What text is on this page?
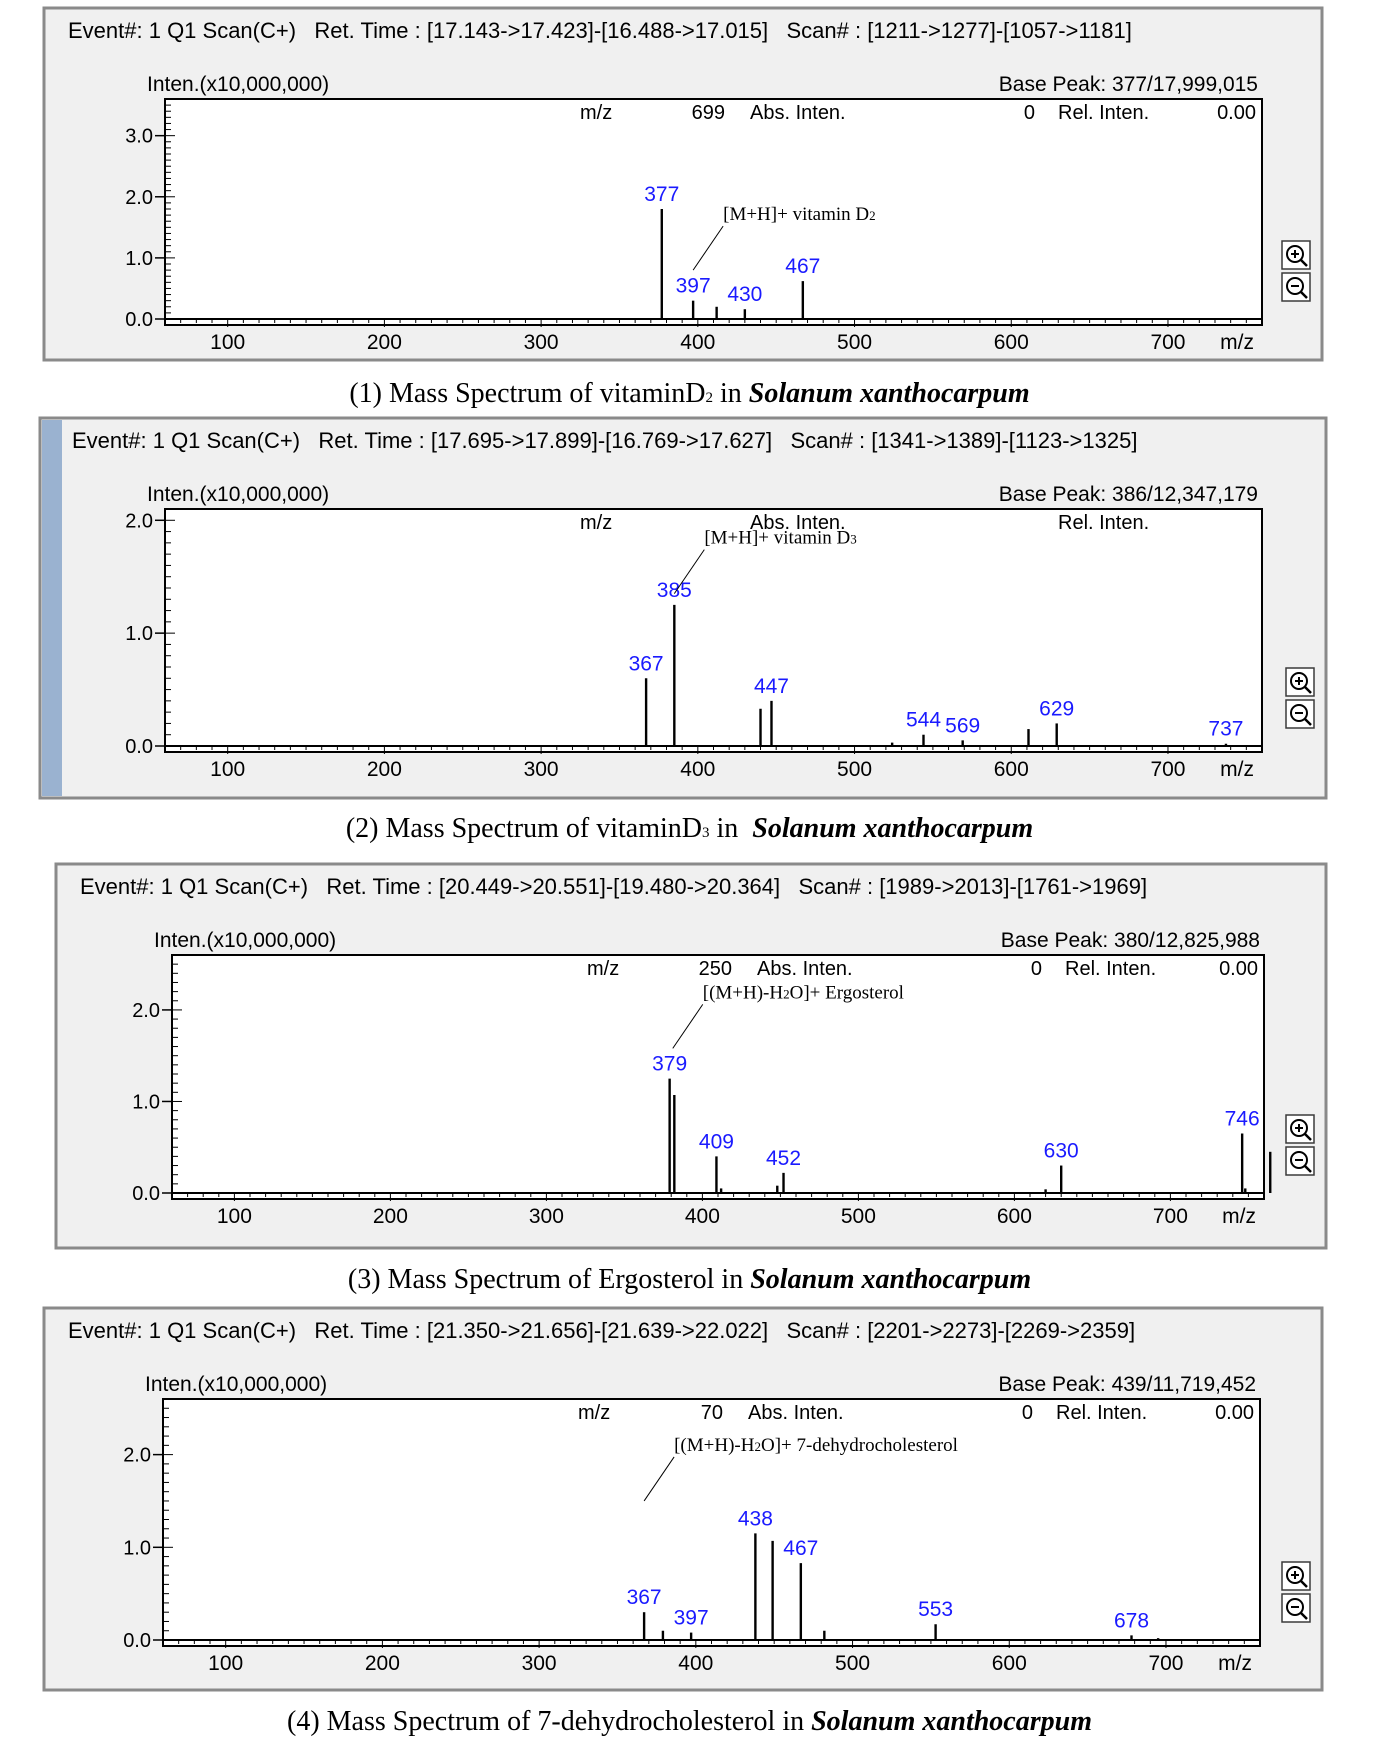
Event#: 1 Q1 Scan(C+)   Ret. Time : [17.143->17.423]-[16.488->17.015]   Scan# : [1211->1277]-[1057->1181]
Inten.(x10,000,000)	Base Peak: 377/17,999,015
m/z	699 Abs. Inten.	0 Rel. Inten.	0.00
0.0
1.0
2.0
3.0
100	200	300	400	500	600	700 m/z
377
397 430
467
[M+H]+ vitamin D2
(1) Mass Spectrum of vitaminD2 in Solanum xanthocarpum
Event#: 1 Q1 Scan(C+)   Ret. Time : [17.695->17.899]-[16.769->17.627]   Scan# : [1341->1389]-[1123->1325]
Inten.(x10,000,000)	Base Peak: 386/12,347,179
m/z	Abs. Inten.	Rel. Inten.
0.0
1.0
2.0
100	200	300	400	500	600	700 m/z
367
385
447
544 569
629
737
[M+H]+ vitamin D3
(2) Mass Spectrum of vitaminD3 in  Solanum xanthocarpum
Event#: 1 Q1 Scan(C+)   Ret. Time : [20.449->20.551]-[19.480->20.364]   Scan# : [1989->2013]-[1761->1969]
Inten.(x10,000,000)	Base Peak: 380/12,825,988
m/z	250 Abs. Inten.	0 Rel. Inten.	0.00
0.0
1.0
2.0
100	200	300	400	500	600	700 m/z
379
409
452	630
746
[(M+H)-H2O]+ Ergosterol
(3) Mass Spectrum of Ergosterol in Solanum xanthocarpum
Event#: 1 Q1 Scan(C+)   Ret. Time : [21.350->21.656]-[21.639->22.022]   Scan# : [2201->2273]-[2269->2359]
Inten.(x10,000,000)	Base Peak: 439/11,719,452
m/z	70 Abs. Inten.	0 Rel. Inten.	0.00
0.0
1.0
2.0
100	200	300	400	500	600	700 m/z
367
397
438
467
553	678
[(M+H)-H2O]+ 7-dehydrocholesterol
(4) Mass Spectrum of 7-dehydrocholesterol in Solanum xanthocarpum
